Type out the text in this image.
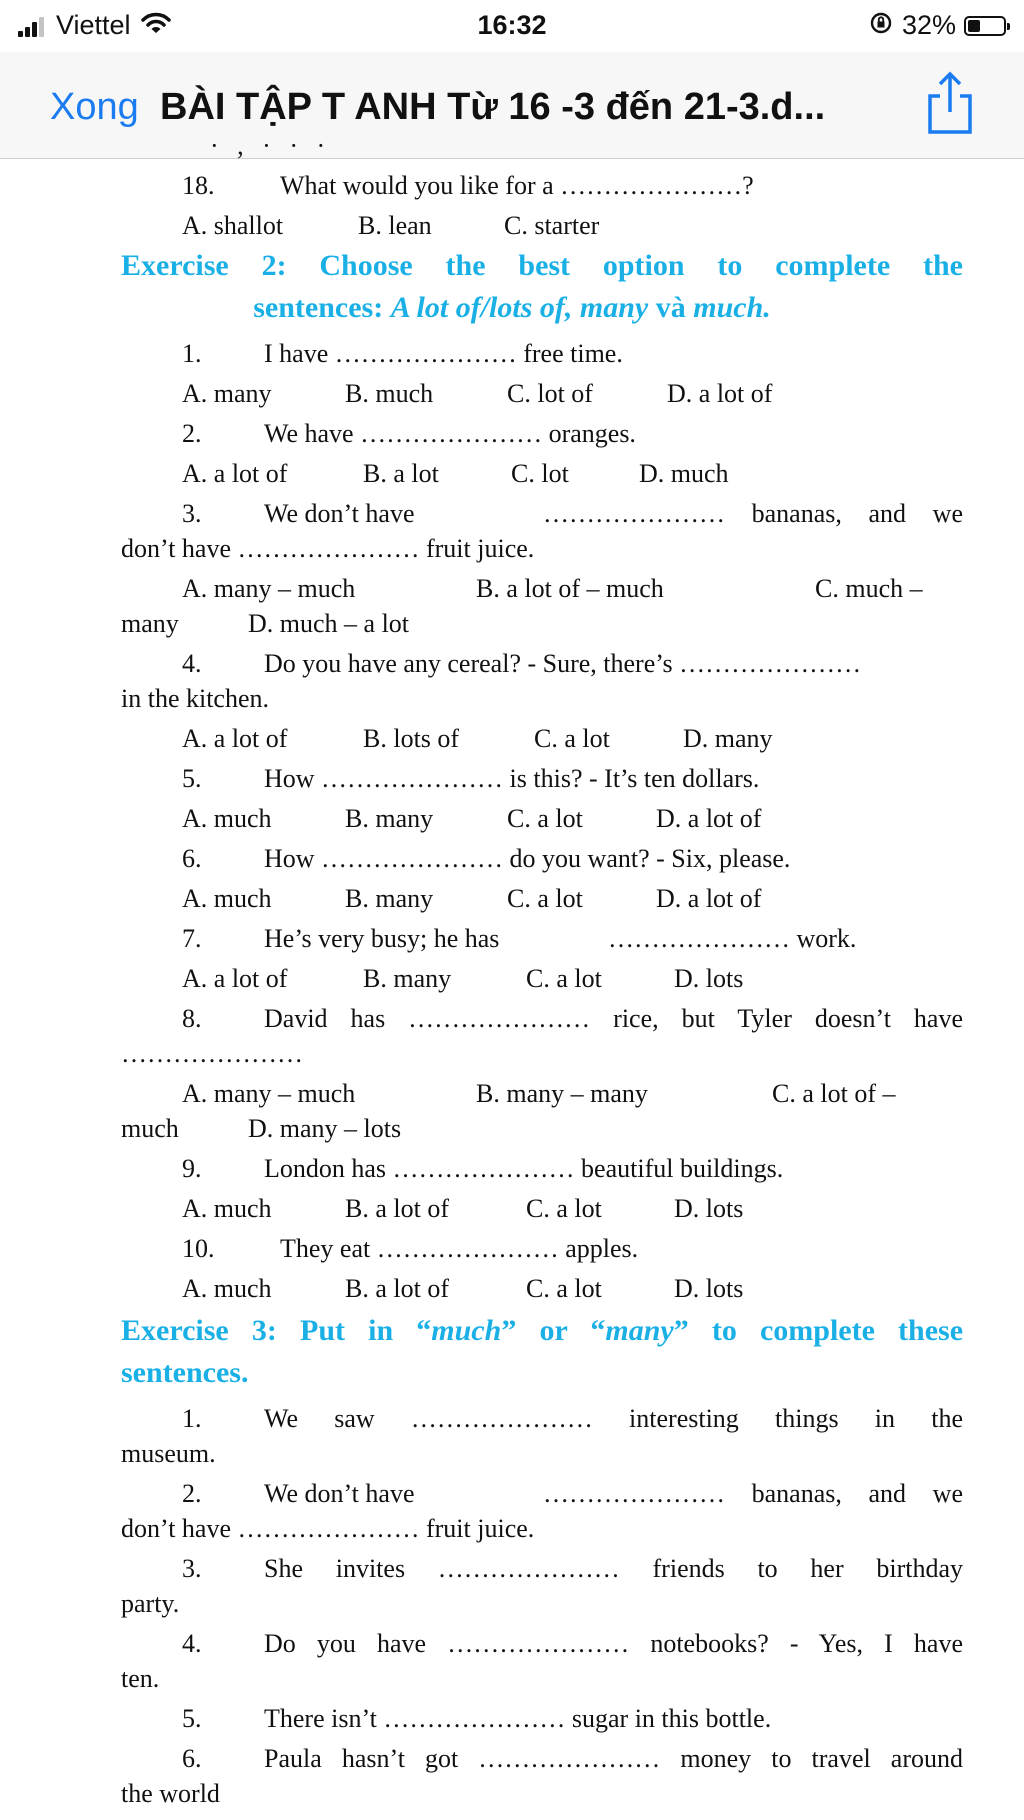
Viettel	16:32	32%
Xong BÀI TẬP T ANH Từ 16 -3 đến 21-3.d...
· , · · ·
18.	What would you like for a …………………?
A. shallot	B. lean	C. starter
Exercise 2: Choose the best option to complete the
sentences: A lot of/lots of, many và much.
1. I have ………………… free time.
A. many	B. much	C. lot of	D. a lot of
2. We have ………………… oranges.
A. a lot of	B. a lot	C. lot	D. much
3. We don’t have	………………… bananas, and we
don’t have ………………… fruit juice.
A. many – much	B. a lot of – much	C. much –
many	D. much – a lot
4. Do you have any cereal? - Sure, there’s …………………
in the kitchen.
A. a lot of	B. lots of	C. a lot	D. many
5. How ………………… is this? - It’s ten dollars.
A. much	B. many	C. a lot	D. a lot of
6. How ………………… do you want? - Six, please.
A. much	B. many	C. a lot	D. a lot of
7. He’s very busy; he has	………………… work.
A. a lot of	B. many	C. a lot	D. lots
8. David has ………………… rice, but Tyler doesn’t have
…………………
A. many – much	B. many – many	C. a lot of –
much	D. many – lots
9. London has ………………… beautiful buildings.
A. much	B. a lot of	C. a lot	D. lots
10.	They eat ………………… apples.
A. much	B. a lot of	C. a lot	D. lots
Exercise 3: Put in “much” or “many” to complete these
sentences.
1. We saw ………………… interesting things in the
museum.
2. We don’t have	………………… bananas, and we
don’t have ………………… fruit juice.
3. She invites ………………… friends to her birthday
party.
4. Do you have ………………… notebooks? - Yes, I have
ten.
5. There isn’t ………………… sugar in this bottle.
6. Paula hasn’t got ………………… money to travel around
the world
